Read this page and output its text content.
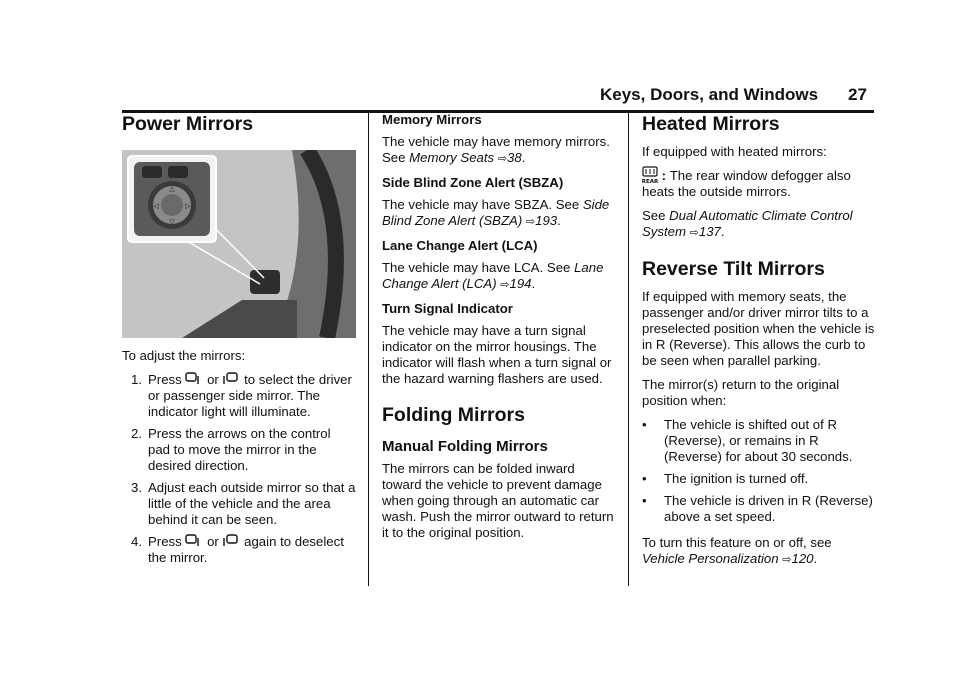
Keys, Doors, and Windows 27
Power Mirrors
△
▽
◁	▷

To adjust the mirrors:

1. Press or to select the driver or passenger side mirror. The indicator light will illuminate.
2. Press the arrows on the control pad to move the mirror in the desired direction.
3. Adjust each outside mirror so that a little of the vehicle and the area behind it can be seen.
4. Press or again to deselect the mirror.

Memory Mirrors

The vehicle may have memory mirrors. See Memory Seats ⇨38.

Side Blind Zone Alert (SBZA)

The vehicle may have SBZA. See Side Blind Zone Alert (SBZA) ⇨193.

Lane Change Alert (LCA)

The vehicle may have LCA. See Lane Change Alert (LCA) ⇨194.

Turn Signal Indicator

The vehicle may have a turn signal indicator on the mirror housings. The indicator will flash when a turn signal or the hazard warning flashers are used.

Folding Mirrors
Manual Folding Mirrors

The mirrors can be folded inward toward the vehicle to prevent damage when going through an automatic car wash. Push the mirror outward to return it to the original position.

Heated Mirrors

If equipped with heated mirrors:

REAR : The rear window defogger also heats the outside mirrors.

See Dual Automatic Climate Control System ⇨137.

Reverse Tilt Mirrors

If equipped with memory seats, the passenger and/or driver mirror tilts to a preselected position when the vehicle is in R (Reverse). This allows the curb to be seen when parallel parking.

The mirror(s) return to the original position when:

•	The vehicle is shifted out of R (Reverse), or remains in R (Reverse) for about 30 seconds.
•	The ignition is turned off.
•	The vehicle is driven in R (Reverse) above a set speed.

To turn this feature on or off, see
Vehicle Personalization ⇨120.
